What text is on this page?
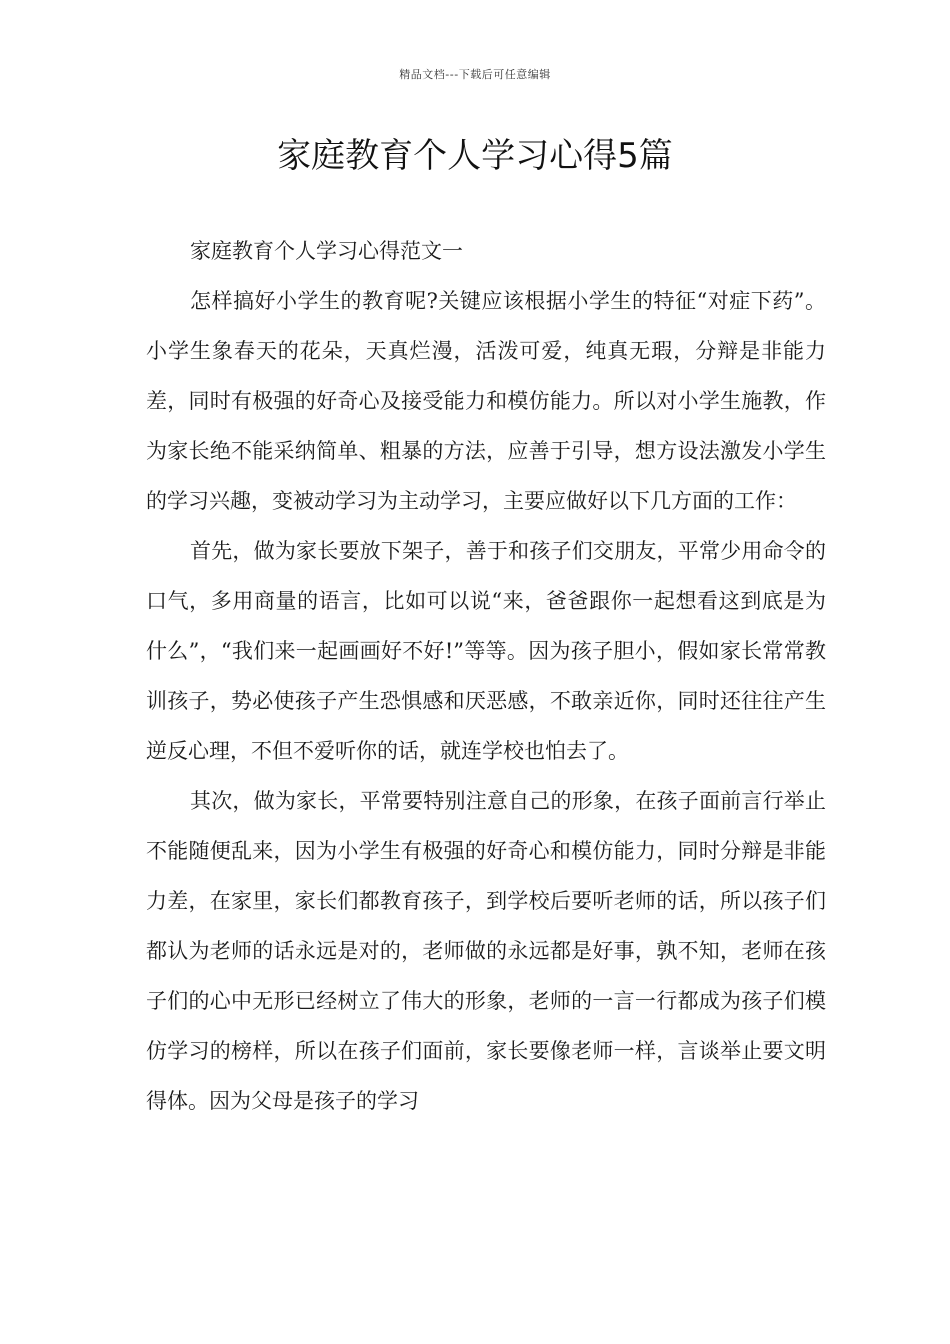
精品文档---下载后可任意编辑
家庭教育个人学习心得5篇

家庭教育个人学习心得范文一

怎样搞好小学生的教育呢?关键应该根据小学生的特征“对症下药”。小学生象春天的花朵，天真烂漫，活泼可爱，纯真无瑕，分辩是非能力差，同时有极强的好奇心及接受能力和模仿能力。所以对小学生施教，作为家长绝不能采纳简单、粗暴的方法，应善于引导，想方设法激发小学生的学习兴趣，变被动学习为主动学习，主要应做好以下几方面的工作：

首先，做为家长要放下架子，善于和孩子们交朋友，平常少用命令的口气，多用商量的语言，比如可以说“来，爸爸跟你一起想看这到底是为什么”，“我们来一起画画好不好!”等等。因为孩子胆小，假如家长常常教训孩子，势必使孩子产生恐惧感和厌恶感，不敢亲近你，同时还往往产生逆反心理，不但不爱听你的话，就连学校也怕去了。

其次，做为家长，平常要特别注意自己的形象，在孩子面前言行举止不能随便乱来，因为小学生有极强的好奇心和模仿能力，同时分辩是非能力差，在家里，家长们都教育孩子，到学校后要听老师的话，所以孩子们都认为老师的话永远是对的，老师做的永远都是好事，孰不知，老师在孩子们的心中无形已经树立了伟大的形象，老师的一言一行都成为孩子们模仿学习的榜样，所以在孩子们面前，家长要像老师一样，言谈举止要文明得体。因为父母是孩子的学习
